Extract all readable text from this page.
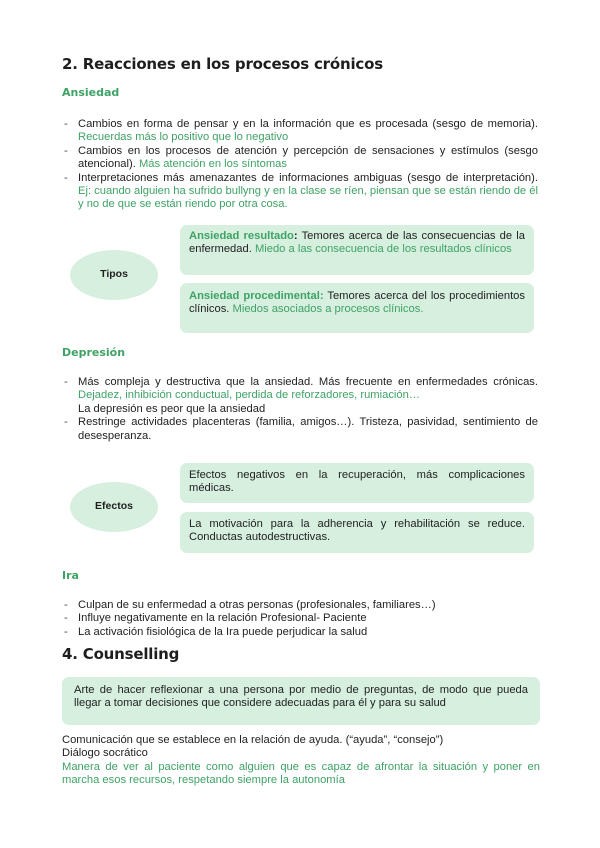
2. Reacciones en los procesos crónicos
Ansiedad
- Cambios en forma de pensar y en la información que es procesada (sesgo de memoria). Recuerdas más lo positivo que lo negativo
- Cambios en los procesos de atención y percepción de sensaciones y estímulos (sesgo atencional). Más atención en los síntomas
- Interpretaciones más amenazantes de informaciones ambiguas (sesgo de interpretación). Ej: cuando alguien ha sufrido bullyng y en la clase se ríen, piensan que se están riendo de él y no de que se están riendo por otra cosa.
Tipos
Ansiedad resultado: Temores acerca de las consecuencias de la enfermedad. Miedo a las consecuencia de los resultados clínicos
Ansiedad procedimental: Temores acerca del los procedimientos clínicos. Miedos asociados a procesos clínicos.
Depresión
- Más compleja y destructiva que la ansiedad. Más frecuente en enfermedades crónicas. Dejadez, inhibición conductual, perdida de reforzadores, rumiación…
La depresión es peor que la ansiedad
- Restringe actividades placenteras (familia, amigos…). Tristeza, pasividad, sentimiento de desesperanza.
Efectos
Efectos negativos en la recuperación, más complicaciones médicas.
La motivación para la adherencia y rehabilitación se reduce. Conductas autodestructivas.
Ira
- Culpan de su enfermedad a otras personas (profesionales, familiares…)
- Influye negativamente en la relación Profesional- Paciente
- La activación fisiológica de la Ira puede perjudicar la salud
4. Counselling
Arte de hacer reflexionar a una persona por medio de preguntas, de modo que pueda llegar a tomar decisiones que considere adecuadas para él y para su salud
Comunicación que se establece en la relación de ayuda. (“ayuda”, “consejo”)
Diálogo socrático
Manera de ver al paciente como alguien que es capaz de afrontar la situación y poner en marcha esos recursos, respetando siempre la autonomía
